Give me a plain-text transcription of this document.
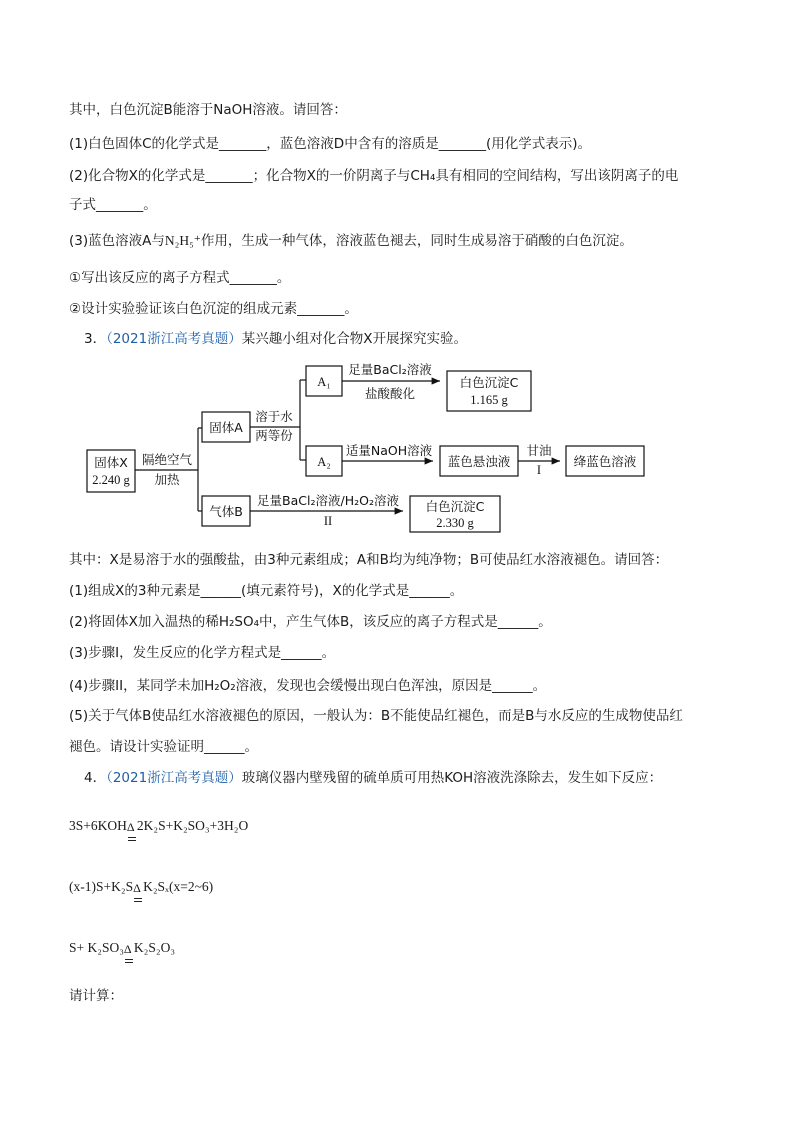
其中，白色沉淀B能溶于NaOH溶液。请回答：
(1)白色固体C的化学式是_______，蓝色溶液D中含有的溶质是_______(用化学式表示)。
(2)化合物X的化学式是_______；化合物X的一价阴离子与CH₄具有相同的空间结构，写出该阴离子的电
子式_______。
(3)蓝色溶液A与N₂H₅⁺作用，生成一种气体，溶液蓝色褪去，同时生成易溶于硝酸的白色沉淀。
①写出该反应的离子方程式_______。
②设计实验验证该白色沉淀的组成元素_______。
3．（2021浙江高考真题）某兴趣小组对化合物X开展探究实验。
固体X
2.240 g
隔绝空气
加热
固体A
溶于水
两等份
A₁
足量BaCl₂溶液
盐酸酸化
白色沉淀C
1.165 g
A₂
适量NaOH溶液
蓝色悬浊液
甘油
I
绛蓝色溶液
气体B
足量BaCl₂溶液/H₂O₂溶液
II
白色沉淀C
2.330 g
其中：X是易溶于水的强酸盐，由3种元素组成；A和B均为纯净物；B可使品红水溶液褪色。请回答：
(1)组成X的3种元素是______(填元素符号)，X的化学式是______。
(2)将固体X加入温热的稀H₂SO₄中，产生气体B，该反应的离子方程式是______。
(3)步骤I，发生反应的化学方程式是______。
(4)步骤II，某同学未加H₂O₂溶液，发现也会缓慢出现白色浑浊，原因是______。
(5)关于气体B使品红水溶液褪色的原因，一般认为：B不能使品红褪色，而是B与水反应的生成物使品红
褪色。请设计实验证明______。
4．（2021浙江高考真题）玻璃仪器内壁残留的硫单质可用热KOH溶液洗涤除去，发生如下反应：
3S+6KOH Δ 2K₂S+K₂SO₃+3H₂O
(x-1)S+K₂S Δ K₂Sₓ(x=2~6)
S+ K₂SO₃ Δ K₂S₂O₃
请计算：
